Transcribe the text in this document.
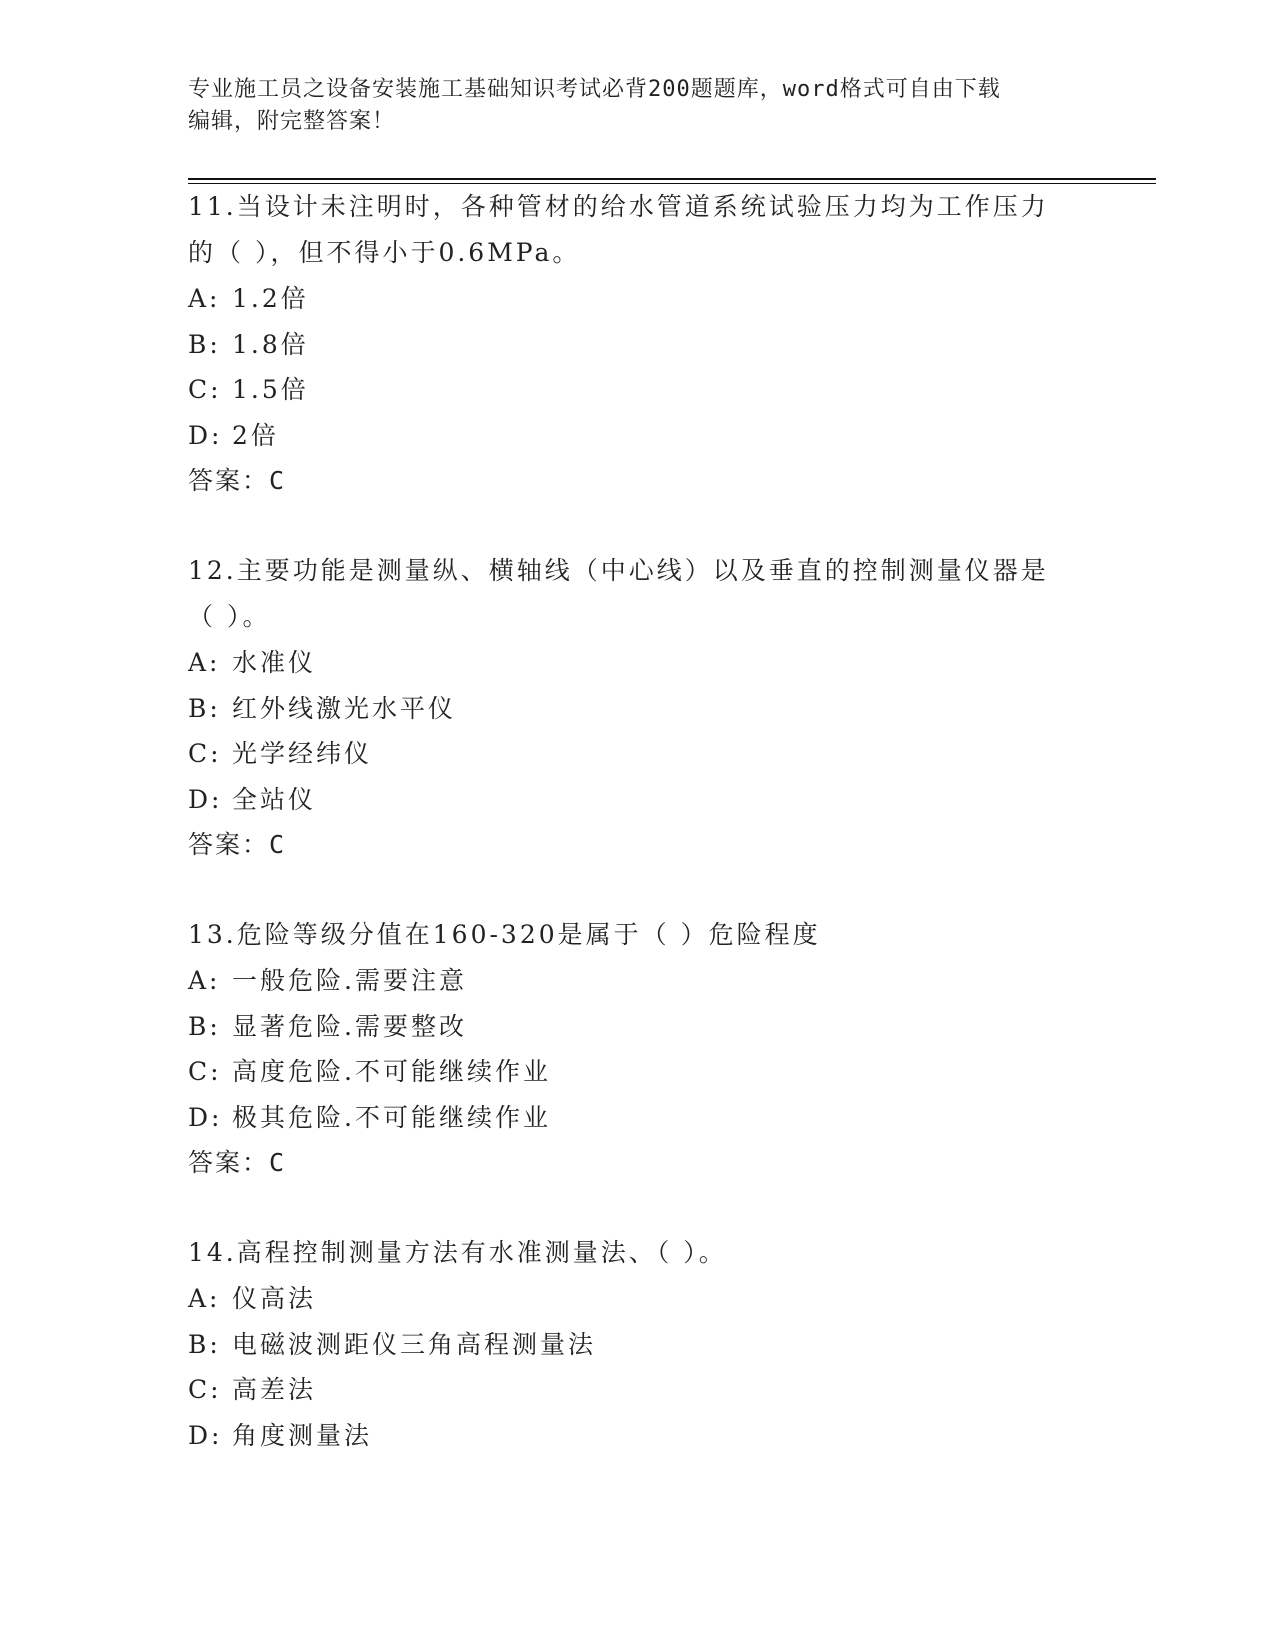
专业施工员之设备安装施工基础知识考试必背200题题库，word格式可自由下载
编辑，附完整答案！
11.当设计未注明时，各种管材的给水管道系统试验压力均为工作压力
的（ ），但不得小于0.6MPa。
A: 1.2倍
B: 1.8倍
C: 1.5倍
D: 2倍
答案：C
12.主要功能是测量纵、横轴线（中心线）以及垂直的控制测量仪器是
（ ）。
A: 水准仪
B: 红外线激光水平仪
C: 光学经纬仪
D: 全站仪
答案：C
13.危险等级分值在160-320是属于（ ）危险程度
A: 一般危险.需要注意
B: 显著危险.需要整改
C: 高度危险.不可能继续作业
D: 极其危险.不可能继续作业
答案：C
14.高程控制测量方法有水准测量法、（ ）。
A: 仪高法
B: 电磁波测距仪三角高程测量法
C: 高差法
D: 角度测量法
